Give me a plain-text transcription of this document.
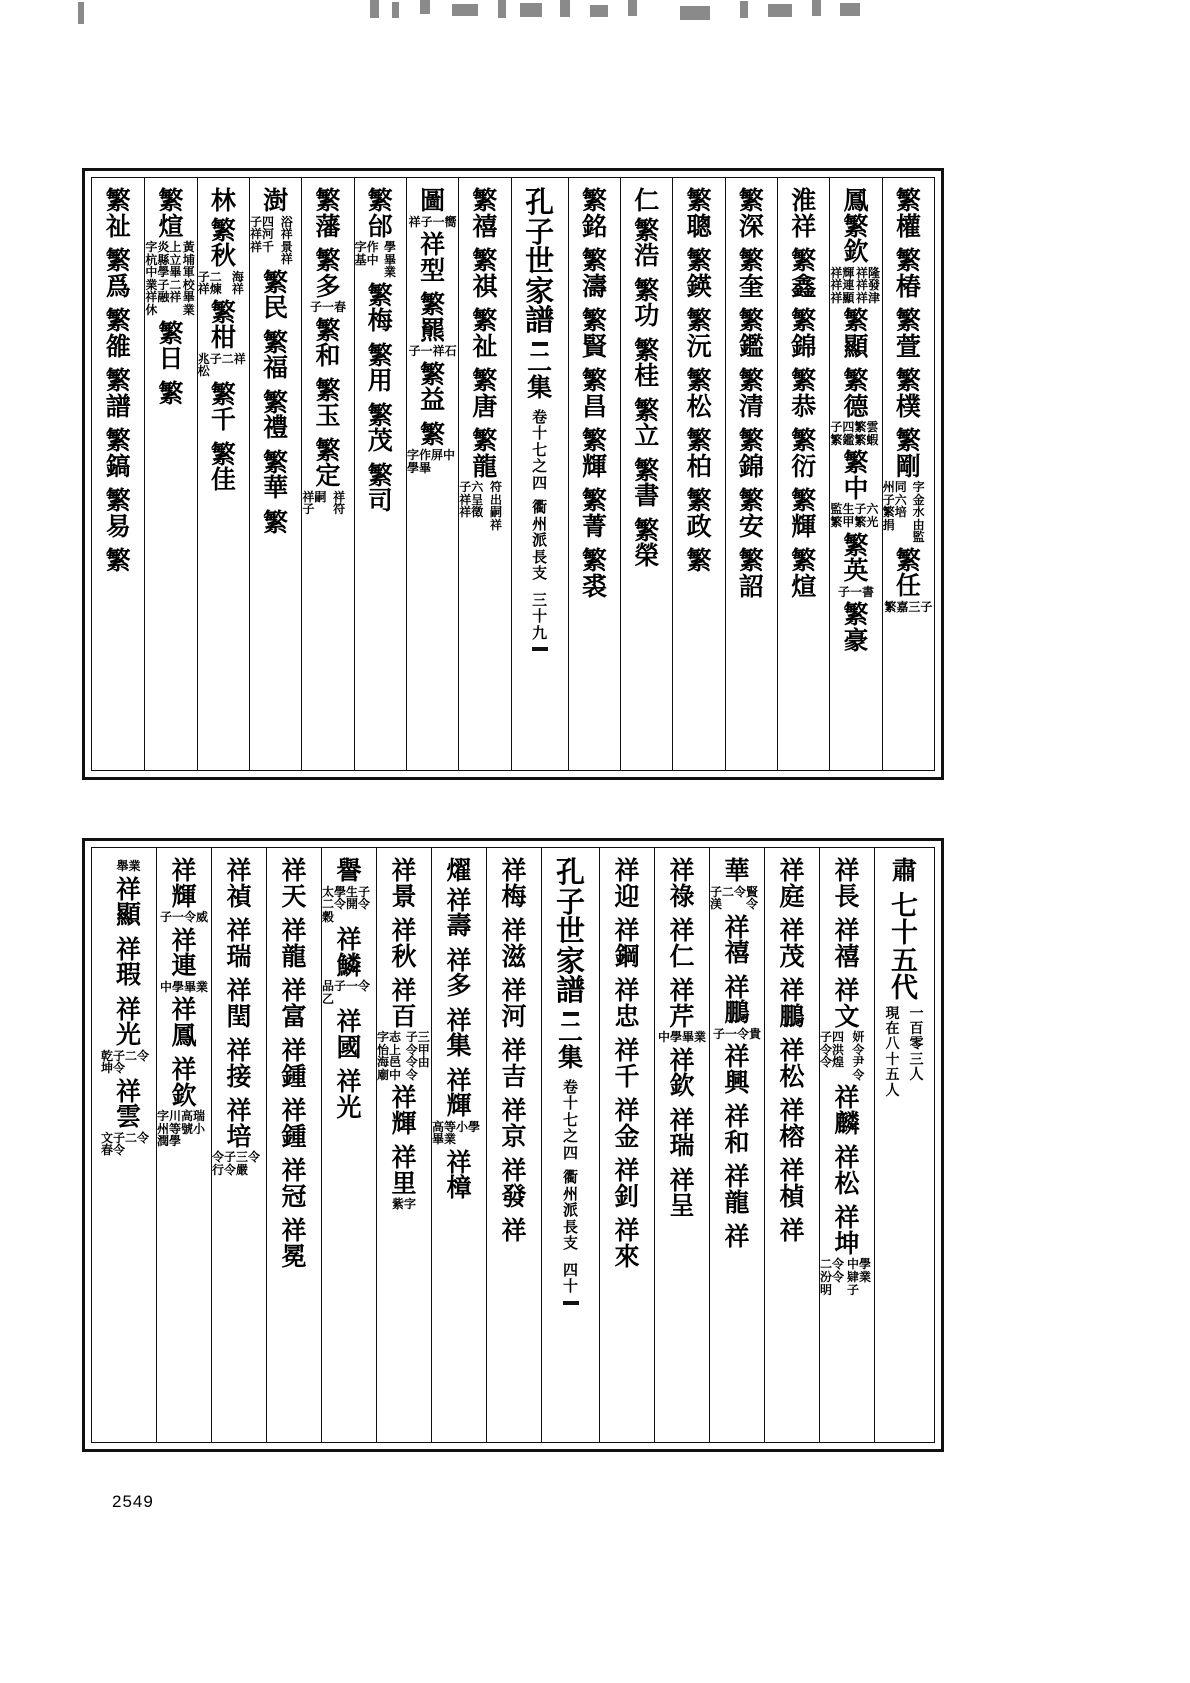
繁
權
繁
椿
繁
萱
繁
樸
繁
剛
字金水由監
州同子六繁培捐
繁
任
繁嘉三子
鳳
繁
欽
祥隆祥發祥津
祥輝祥連祥顯
繁
顯
繁
德
子四繁雲繁鑑繁蝦
繁
中
監生子六繁甲繁光
繁
英
子一書
繁
豪
淮
祥
繁
鑫
繁
錦
繁
恭
繁
衍
繁
輝
繁
煊
繁
深
繁
奎
繁
鑑
繁
清
繁
錦
繁
安
繁
詔
繁
聰
繁
鍈
繁
沅
繁
松
繁
柏
繁
政
繁
仁
繁
浩
繁
功
繁
桂
繁
立
繁
書
繁
榮
繁
銘
繁
濤
繁
賢
繁
昌
繁
輝
繁
菁
繁
裘
孔
子
世
家
譜
二
集
卷
十
七
之
四
衢
州
派
長
支
三
十
九
繁
禧
繁
祺
繁
祉
繁
唐
繁
龍
符出嗣祥
子六祥呈祥徵
圖
祥子一嚮
祥
型
繁
羆
子一祥石
繁
益
繁
字作屏中學畢
繁
邰
學畢業
字作基中
繁
梅
繁
用
繁
茂
繁
司
繁
藩
繁
多
子一春
繁
和
繁
玉
繁
定
祥符
祥嗣子
澍
浴祥景祥
子四祥河祥千
繁
民
繁
福
繁
禮
繁
華
繁
林
繁
秋
海祥
子二祥煉
繁
柑
兆子二祥松
繁
千
繁
佳
繁
煊
黃埔軍校畢業
字炎上杭縣立中學畢業子二祥融祥休
繁
日
繁
繁
祉
繁
爲
繁
雒
繁
譜
繁
鎬
繁
易
繁
肅
七
十
五
代
一
百
零
三
人
現
在
八
十
五
人
祥
長
祥
禧
祥
文
妍令尹令
子四令洪令煌
祥
麟
祥
松
祥
坤
中學肄業子
二令汾令明
祥
庭
祥
茂
祥
鵬
祥
松
祥
榕
祥
楨
祥
華
賢令
子二令渼
祥
禧
祥
鵬
子一令貴
祥
興
祥
和
祥
龍
祥
祥
祿
祥
仁
祥
芹
中學畢業
祥
欽
祥
瑞
祥
呈
祥
迎
祥
鋼
祥
忠
祥
千
祥
金
祥
釗
祥
來
孔
子
世
家
譜
二
集
卷
十
七
之
四
衢
州
派
長
支
四
十
祥
梅
祥
滋
祥
河
祥
吉
祥
京
祥
發
祥
燿
祥
壽
祥
多
祥
集
祥
輝
高等小學畢業
祥
樟
祥
景
祥
秋
祥
百
子三令甲令由令
字志怡上海邑廟中
祥
輝
祥
里
紫字
譽
太學生子二令開令穀
祥
鱗
品子一令乙
祥
國
祥
光
祥
天
祥
龍
祥
富
祥
鍾
祥
鍾
祥
冠
祥
冕
祥
禎
祥
瑞
祥
閏
祥
接
祥
培
令子三令行令嚴
祥
輝
子一令威
祥
連
中學畢業
祥
鳳
祥
欽
字川高瑞州等號小潤學
舉業
祥
顯
祥
瑕
祥
光
乾子二令坤令
祥
雲
文子二令春令
2549
